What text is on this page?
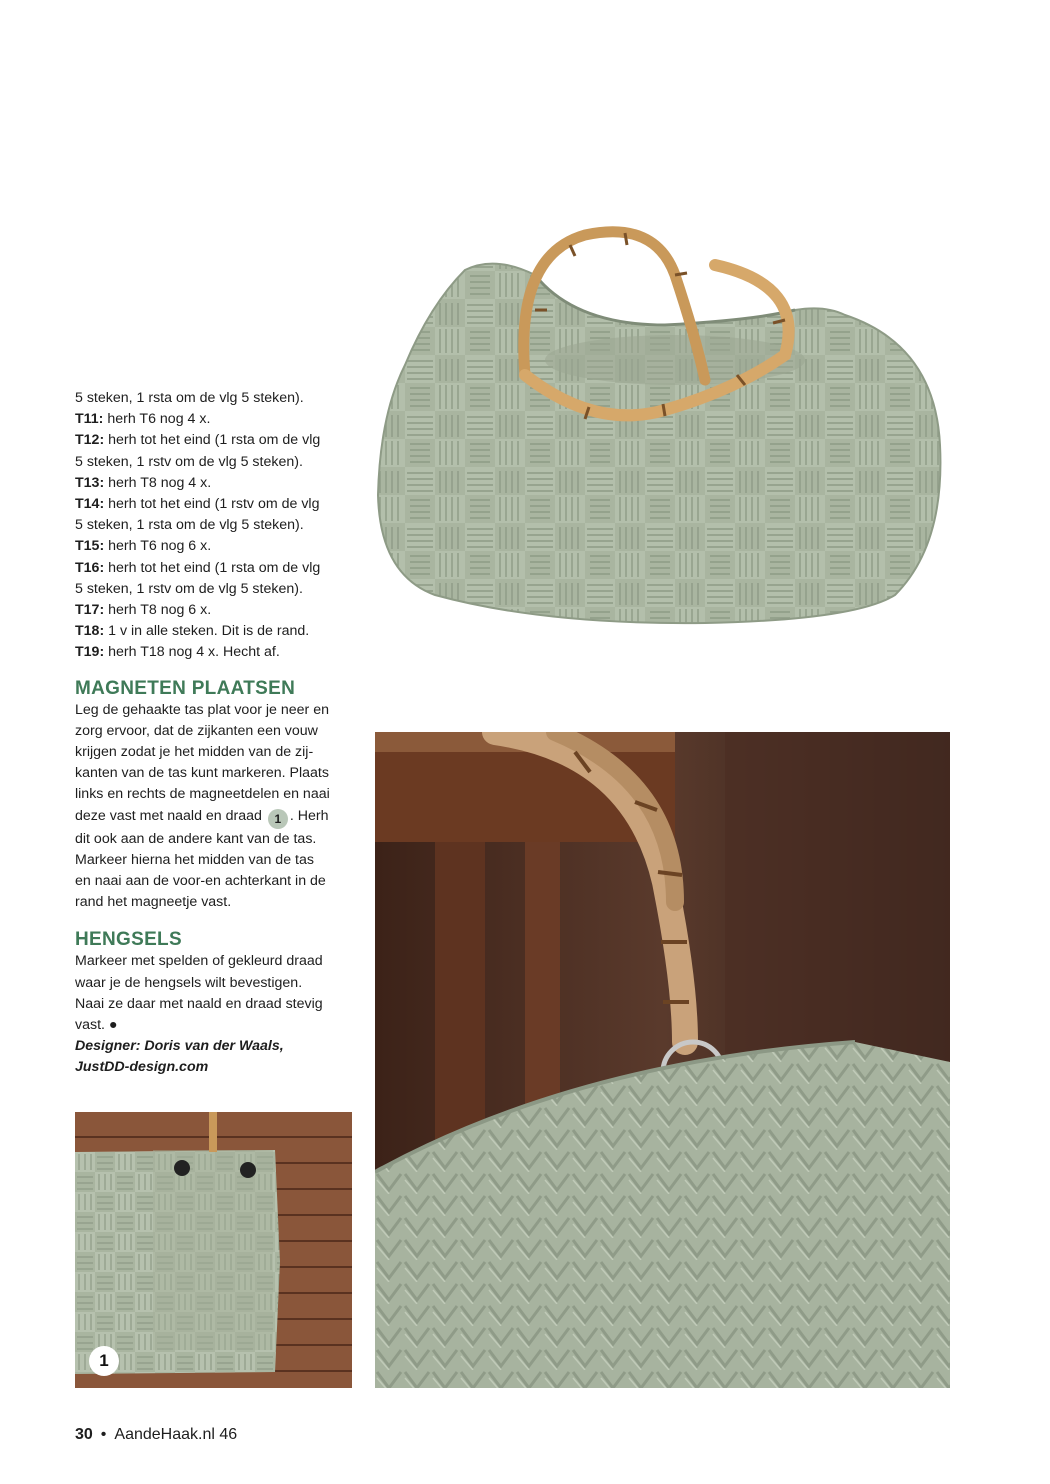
5 steken, 1 rsta om de vlg 5 steken).

T11: herh T6 nog 4 x.

T12: herh tot het eind (1 rsta om de vlg

5 steken, 1 rstv om de vlg 5 steken).

T13: herh T8 nog 4 x.

T14: herh tot het eind (1 rstv om de vlg

5 steken, 1 rsta om de vlg 5 steken).

T15: herh T6 nog 6 x.

T16: herh tot het eind (1 rsta om de vlg

5 steken, 1 rstv om de vlg 5 steken).

T17: herh T8 nog 6 x.

T18: 1 v in alle steken. Dit is de rand.

T19: herh T18 nog 4 x. Hecht af.

MAGNETEN PLAATSEN

Leg de gehaakte tas plat voor je neer en

zorg ervoor, dat de zijkanten een vouw

krijgen zodat je het midden van de zij-

kanten van de tas kunt markeren. Plaats

links en rechts de magneetdelen en naai

deze vast met naald en draad 1 . Herh

dit ook aan de andere kant van de tas.

Markeer hierna het midden van de tas

en naai aan de voor-en achterkant in de

rand het magneetje vast.

HENGSELS

Markeer met spelden of gekleurd draad

waar je de hengsels wilt bevestigen.

Naai ze daar met naald en draad stevig

vast. ●

Designer: Doris van der Waals,

JustDD-design.com

1
30 • AandeHaak.nl 46
